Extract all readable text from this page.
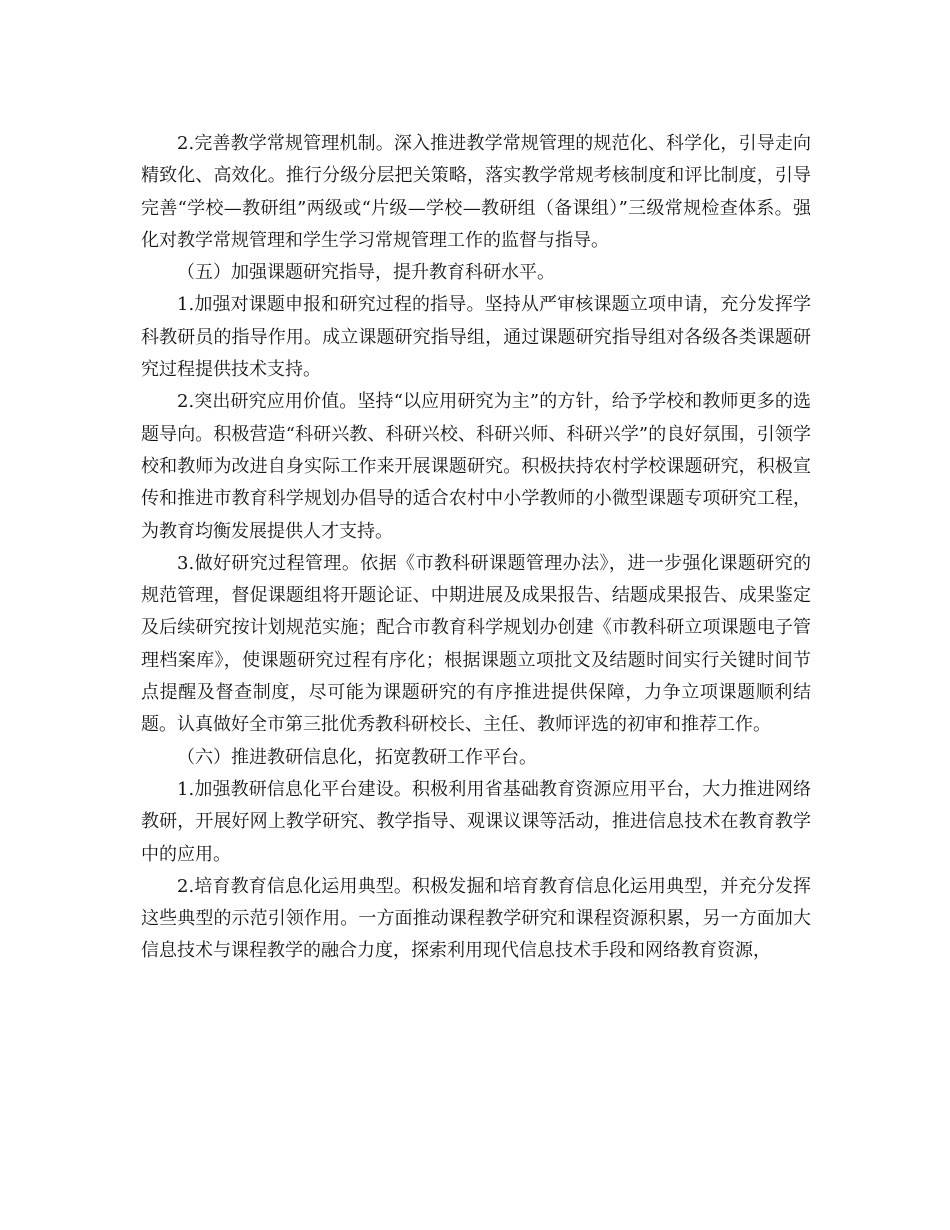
2.完善教学常规管理机制。深入推进教学常规管理的规范化、科学化，引导走向精致化、高效化。推行分级分层把关策略，落实教学常规考核制度和评比制度，引导完善“学校—教研组”两级或“片级—学校—教研组（备课组）”三级常规检查体系。强化对教学常规管理和学生学习常规管理工作的监督与指导。

（五）加强课题研究指导，提升教育科研水平。

1.加强对课题申报和研究过程的指导。坚持从严审核课题立项申请，充分发挥学科教研员的指导作用。成立课题研究指导组，通过课题研究指导组对各级各类课题研究过程提供技术支持。

2.突出研究应用价值。坚持“以应用研究为主”的方针，给予学校和教师更多的选题导向。积极营造“科研兴教、科研兴校、科研兴师、科研兴学”的良好氛围，引领学校和教师为改进自身实际工作来开展课题研究。积极扶持农村学校课题研究，积极宣传和推进市教育科学规划办倡导的适合农村中小学教师的小微型课题专项研究工程，为教育均衡发展提供人才支持。

3.做好研究过程管理。依据《市教科研课题管理办法》，进一步强化课题研究的规范管理，督促课题组将开题论证、中期进展及成果报告、结题成果报告、成果鉴定及后续研究按计划规范实施；配合市教育科学规划办创建《市教科研立项课题电子管理档案库》，使课题研究过程有序化；根据课题立项批文及结题时间实行关键时间节点提醒及督查制度，尽可能为课题研究的有序推进提供保障，力争立项课题顺利结题。认真做好全市第三批优秀教科研校长、主任、教师评选的初审和推荐工作。

（六）推进教研信息化，拓宽教研工作平台。

1.加强教研信息化平台建设。积极利用省基础教育资源应用平台，大力推进网络教研，开展好网上教学研究、教学指导、观课议课等活动，推进信息技术在教育教学中的应用。

2.培育教育信息化运用典型。积极发掘和培育教育信息化运用典型，并充分发挥这些典型的示范引领作用。一方面推动课程教学研究和课程资源积累，另一方面加大信息技术与课程教学的融合力度，探索利用现代信息技术手段和网络教育资源，
